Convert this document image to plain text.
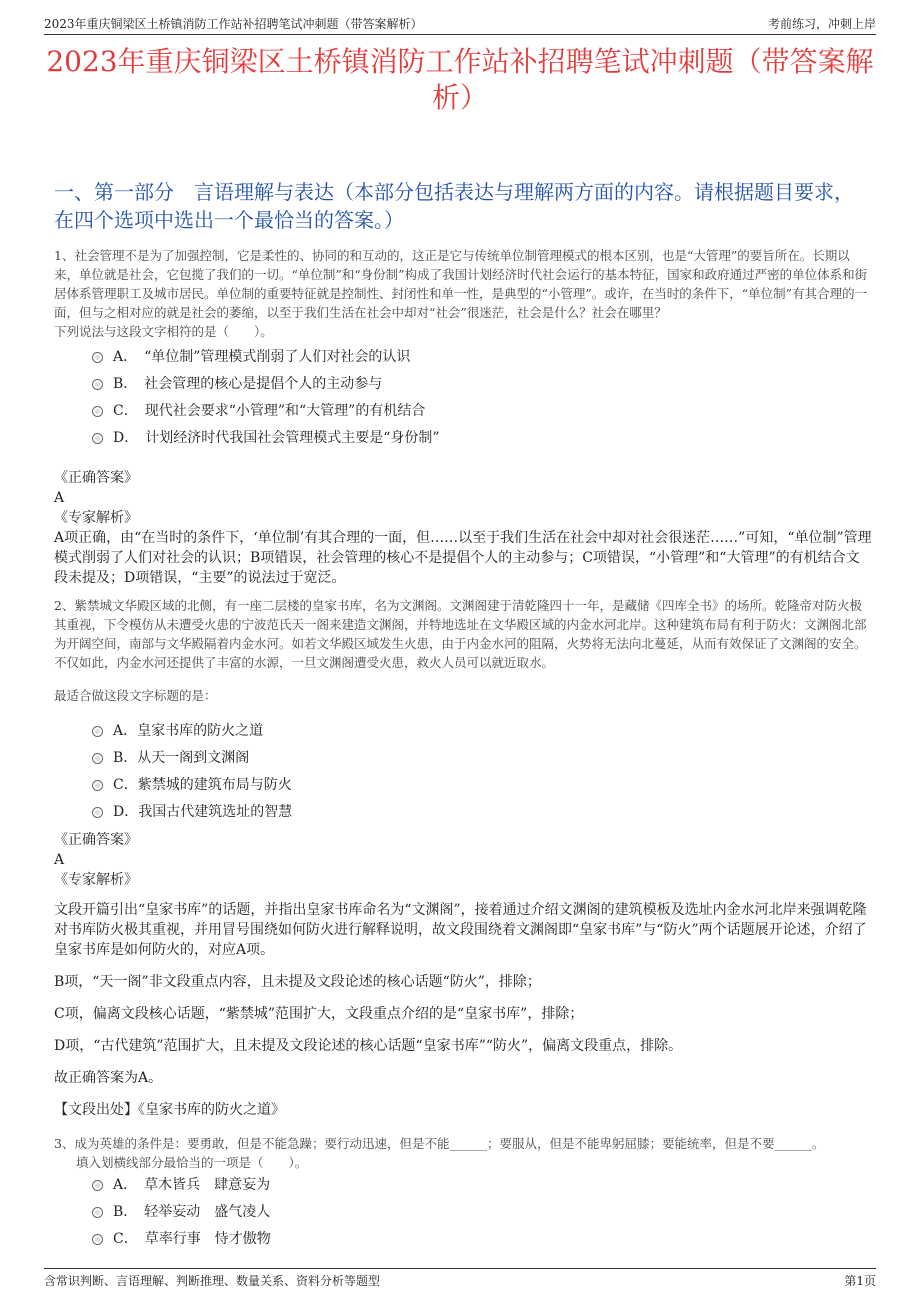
2023年重庆铜梁区土桥镇消防工作站补招聘笔试冲刺题（带答案解析）	考前练习，冲刺上岸
2023年重庆铜梁区土桥镇消防工作站补招聘笔试冲刺题（带答案解析）
一、第一部分　言语理解与表达（本部分包括表达与理解两方面的内容。请根据题目要求，在四个选项中选出一个最恰当的答案。）
1、社会管理不是为了加强控制，它是柔性的、协同的和互动的，这正是它与传统单位制管理模式的根本区别，也是“大管理”的要旨所在。长期以来，单位就是社会，它包揽了我们的一切。“单位制”和“身份制”构成了我国计划经济时代社会运行的基本特征，国家和政府通过严密的单位体系和街居体系管理职工及城市居民。单位制的重要特征就是控制性、封闭性和单一性，是典型的“小管理”。或许，在当时的条件下，“单位制”有其合理的一面，但与之相对应的就是社会的萎缩，以至于我们生活在社会中却对“社会”很迷茫，社会是什么？社会在哪里？
下列说法与这段文字相符的是（　　）。
A．　“单位制”管理模式削弱了人们对社会的认识
B．　社会管理的核心是提倡个人的主动参与
C．　现代社会要求“小管理”和“大管理”的有机结合
D．　计划经济时代我国社会管理模式主要是“身份制”
《正确答案》
A
《专家解析》
A项正确，由“在当时的条件下，‘单位制’有其合理的一面，但……以至于我们生活在社会中却对社会很迷茫……”可知，“单位制”管理模式削弱了人们对社会的认识；B项错误，社会管理的核心不是提倡个人的主动参与；C项错误，“小管理”和“大管理”的有机结合文段未提及；D项错误，“主要”的说法过于宽泛。
2、紫禁城文华殿区域的北侧，有一座二层楼的皇家书库，名为文渊阁。文渊阁建于清乾隆四十一年，是藏储《四库全书》的场所。乾隆帝对防火极其重视，下令模仿从未遭受火患的宁波范氏天一阁来建造文渊阁，并特地选址在文华殿区域的内金水河北岸。这种建筑布局有利于防火：文渊阁北部为开阔空间，南部与文华殿隔着内金水河。如若文华殿区域发生火患，由于内金水河的阻隔，火势将无法向北蔓延，从而有效保证了文渊阁的安全。不仅如此，内金水河还提供了丰富的水源，一旦文渊阁遭受火患，救火人员可以就近取水。
最适合做这段文字标题的是：
A．皇家书库的防火之道
B．从天一阁到文渊阁
C．紫禁城的建筑布局与防火
D．我国古代建筑选址的智慧
《正确答案》
A
《专家解析》

文段开篇引出“皇家书库”的话题，并指出皇家书库命名为“文渊阁”，接着通过介绍文渊阁的建筑模板及选址内金水河北岸来强调乾隆对书库防火极其重视，并用冒号围绕如何防火进行解释说明，故文段围绕着文渊阁即“皇家书库”与“防火”两个话题展开论述，介绍了皇家书库是如何防火的，对应A项。

B项，“天一阁”非文段重点内容，且未提及文段论述的核心话题“防火”，排除；

C项，偏离文段核心话题，“紫禁城”范围扩大，文段重点介绍的是“皇家书库”，排除；

D项，“古代建筑”范围扩大，且未提及文段论述的核心话题“皇家书库”“防火”，偏离文段重点，排除。

故正确答案为A。

【文段出处】《皇家书库的防火之道》

3、成为英雄的条件是：要勇敢，但是不能急躁；要行动迅速，但是不能______；要服从，但是不能卑躬屈膝；要能统率，但是不要______。
填入划横线部分最恰当的一项是（　　）。
A．　草木皆兵　肆意妄为
B．　轻举妄动　盛气凌人
C．　草率行事　恃才傲物
含常识判断、言语理解、判断推理、数量关系、资料分析等题型	第1页
